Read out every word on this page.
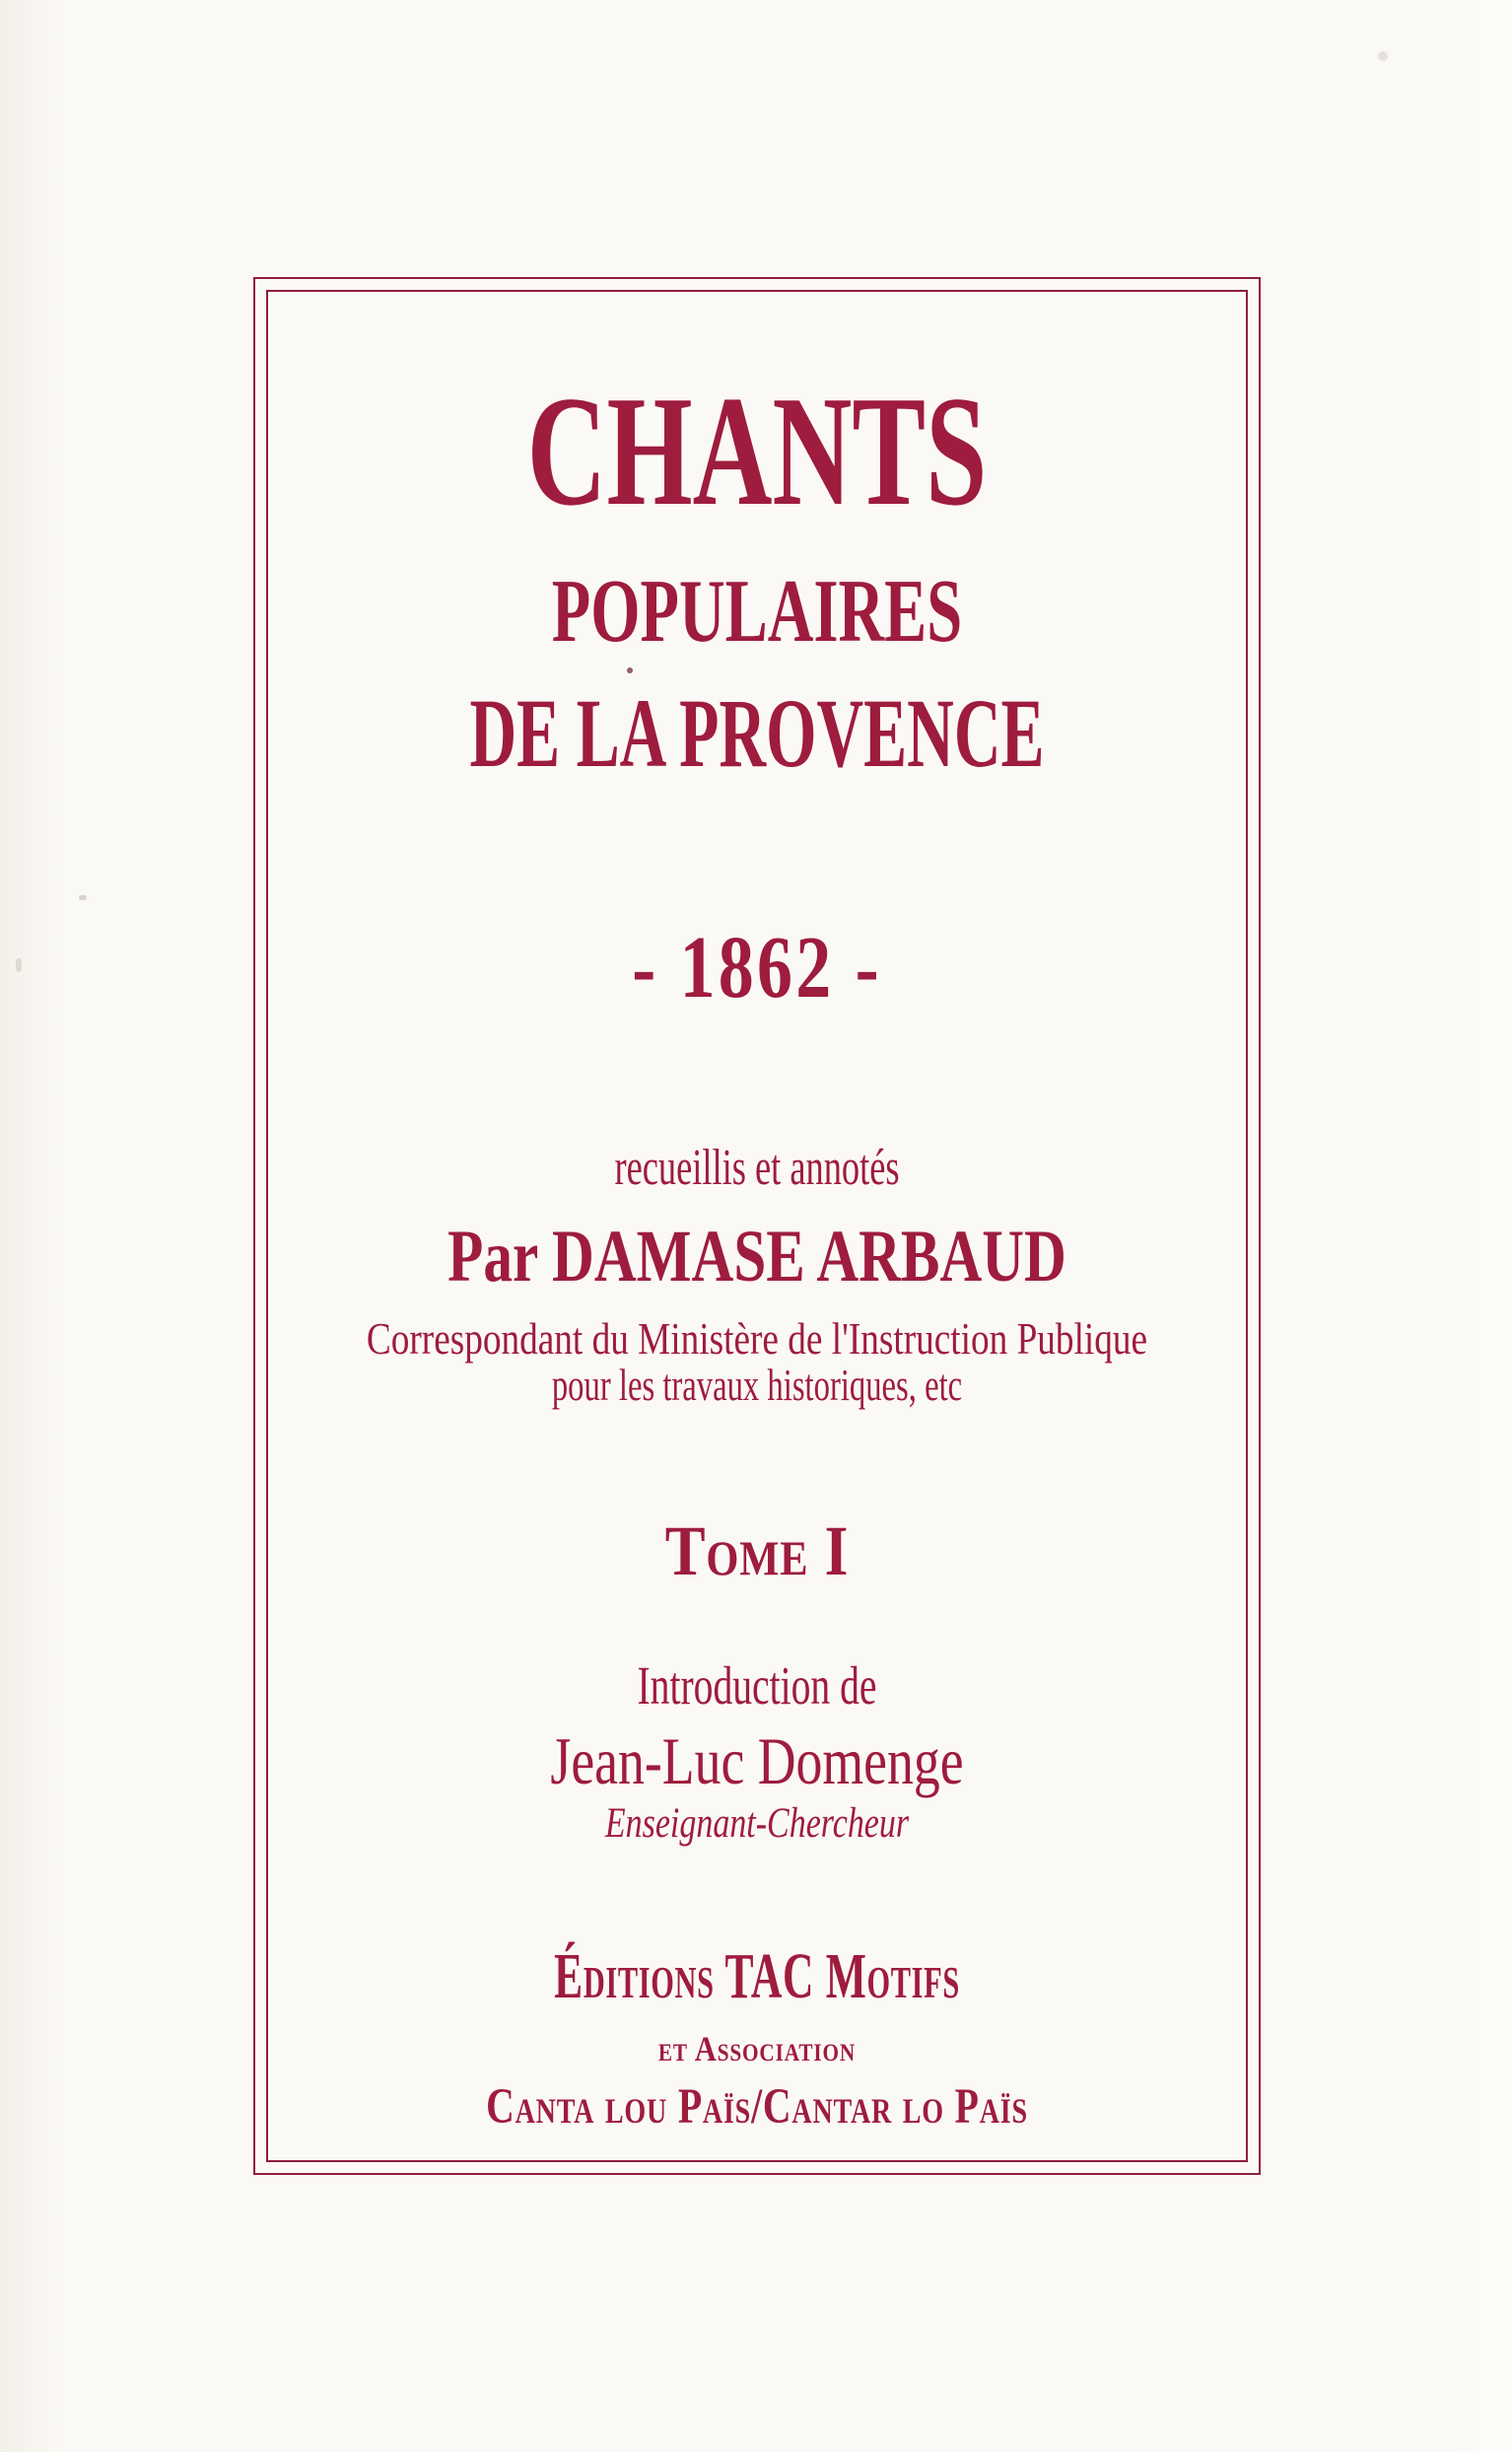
CHANTS
POPULAIRES
DE LA PROVENCE
- 1862 -
recueillis et annotés
Par DAMASE ARBAUD
Correspondant du Ministère de l'Instruction Publique
pour les travaux historiques, etc
Tome I
Introduction de
Jean-Luc Domenge
Enseignant-Chercheur
Éditions TAC Motifs
et Association
Canta lou Païs/Cantar lo Païs
